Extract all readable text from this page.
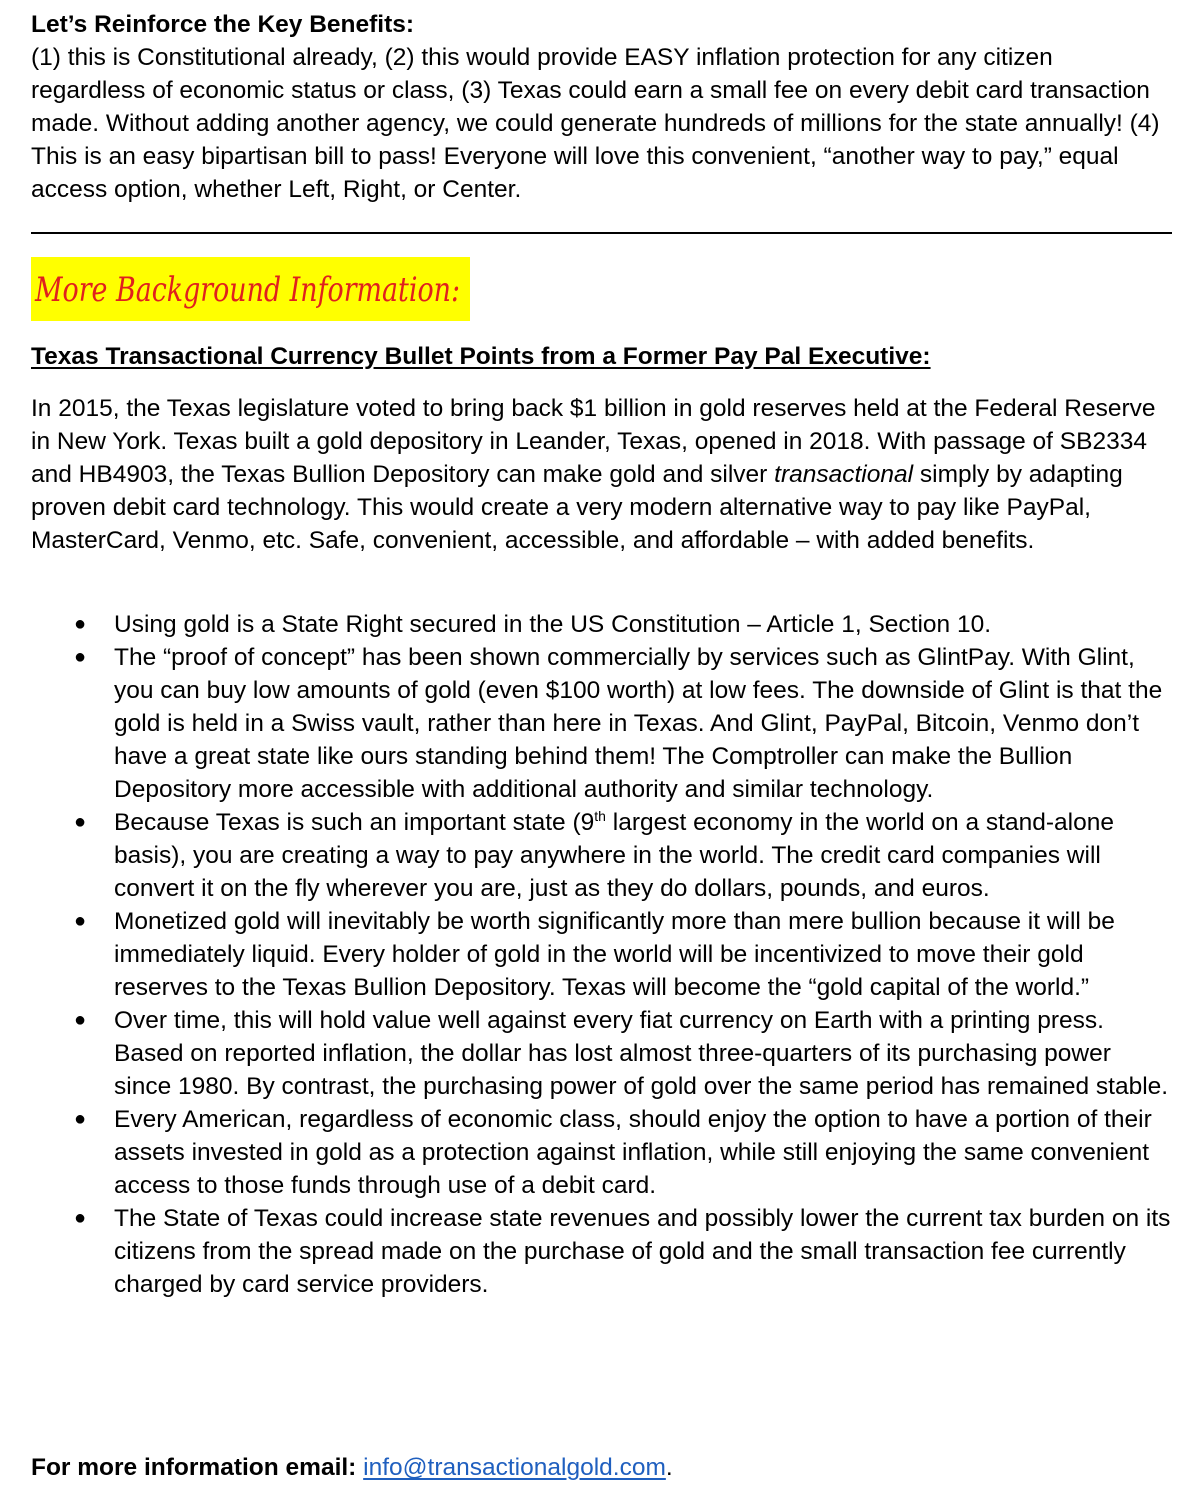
Let’s Reinforce the Key Benefits:

(1) this is Constitutional already, (2) this would provide EASY inflation protection for any citizen regardless of economic status or class, (3) Texas could earn a small fee on every debit card transaction made. Without adding another agency, we could generate hundreds of millions for the state annually! (4) This is an easy bipartisan bill to pass! Everyone will love this convenient, “another way to pay,” equal access option, whether Left, Right, or Center.

More Background Information:
Texas Transactional Currency Bullet Points from a Former Pay Pal Executive:

In 2015, the Texas legislature voted to bring back $1 billion in gold reserves held at the Federal Reserve in New York. Texas built a gold depository in Leander, Texas, opened in 2018. With passage of SB2334 and HB4903, the Texas Bullion Depository can make gold and silver transactional simply by adapting proven debit card technology. This would create a very modern alternative way to pay like PayPal, MasterCard, Venmo, etc. Safe, convenient, accessible, and affordable – with added benefits.

● Using gold is a State Right secured in the US Constitution – Article 1, Section 10.
● The “proof of concept” has been shown commercially by services such as GlintPay. With Glint, you can buy low amounts of gold (even $100 worth) at low fees. The downside of Glint is that the gold is held in a Swiss vault, rather than here in Texas. And Glint, PayPal, Bitcoin, Venmo don’t have a great state like ours standing behind them! The Comptroller can make the Bullion Depository more accessible with additional authority and similar technology.
● Because Texas is such an important state (9th largest economy in the world on a stand-alone basis), you are creating a way to pay anywhere in the world. The credit card companies will convert it on the fly wherever you are, just as they do dollars, pounds, and euros.
● Monetized gold will inevitably be worth significantly more than mere bullion because it will be immediately liquid. Every holder of gold in the world will be incentivized to move their gold reserves to the Texas Bullion Depository. Texas will become the “gold capital of the world.”
● Over time, this will hold value well against every fiat currency on Earth with a printing press. Based on reported inflation, the dollar has lost almost three-quarters of its purchasing power since 1980. By contrast, the purchasing power of gold over the same period has remained stable.
● Every American, regardless of economic class, should enjoy the option to have a portion of their assets invested in gold as a protection against inflation, while still enjoying the same convenient access to those funds through use of a debit card.
● The State of Texas could increase state revenues and possibly lower the current tax burden on its citizens from the spread made on the purchase of gold and the small transaction fee currently charged by card service providers.
For more information email: info@transactionalgold.com.
